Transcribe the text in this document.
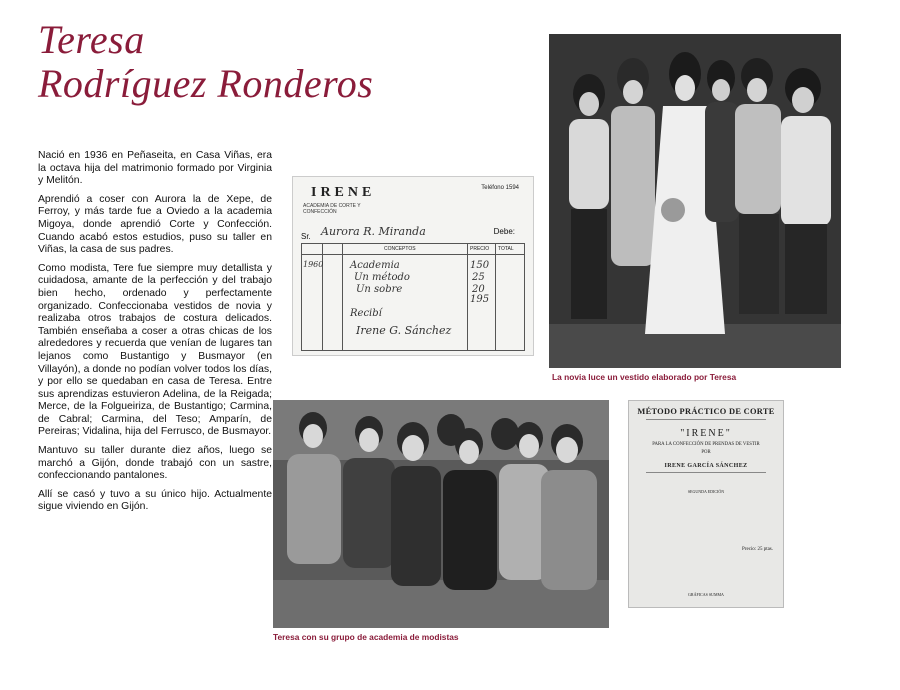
Teresa
Rodríguez Ronderos

Nació en 1936 en Peñaseita, en Casa Viñas, era la octava hija del matrimonio formado por Virginia y Melitón.

Aprendió a coser con Aurora la de Xepe, de Ferroy, y más tarde fue a Oviedo a la academia Migoya, donde aprendió Corte y Confección. Cuando acabó estos estudios, puso su taller en Viñas, la casa de sus padres.

Como modista, Tere fue siempre muy detallista y cuidadosa, amante de la perfección y del trabajo bien hecho, ordenado y perfectamente organizado. Confeccionaba vestidos de novia y realizaba otros trabajos de costura delicados. También enseñaba a coser a otras chicas de los alrededores y recuerda que venían de lugares tan lejanos como Bustantigo y Busmayor (en Villayón), a donde no podían volver todos los días, y por ello se quedaban en casa de Teresa. Entre sus aprendizas estuvieron Adelina, de la Reigada; Merce, de la Folgueiriza, de Bustantigo; Carmina, de Cabral; Carmina, del Teso; Amparín, de Pereiras; Vidalina, hija del Ferrusco, de Busmayor.

Mantuvo su taller durante diez años, luego se marchó a Gijón, donde trabajó con un sastre, confeccionando pantalones.

Allí se casó y tuvo a su único hijo. Actualmente sigue viviendo en Gijón.

IRENE
ACADEMIA DE CORTE Y CONFECCIÓN
Teléfono 1594
Sr.
Debe:
Aurora R. Miranda
CONCEPTOS	PRECIO TOTAL
1960	Academia
Un método
Un sobre
150
25
20
195
Recibí
Irene G. Sánchez
La novia luce un vestido elaborado por Teresa
Teresa con su grupo de academia de modistas
MÉTODO PRÁCTICO DE CORTE
"IRENE"
PARA LA CONFECCIÓN DE PRENDAS DE VESTIR
POR
IRENE GARCÍA SÁNCHEZ
SEGUNDA EDICIÓN
Precio: 25 ptas.
GRÁFICAS SUMMA
